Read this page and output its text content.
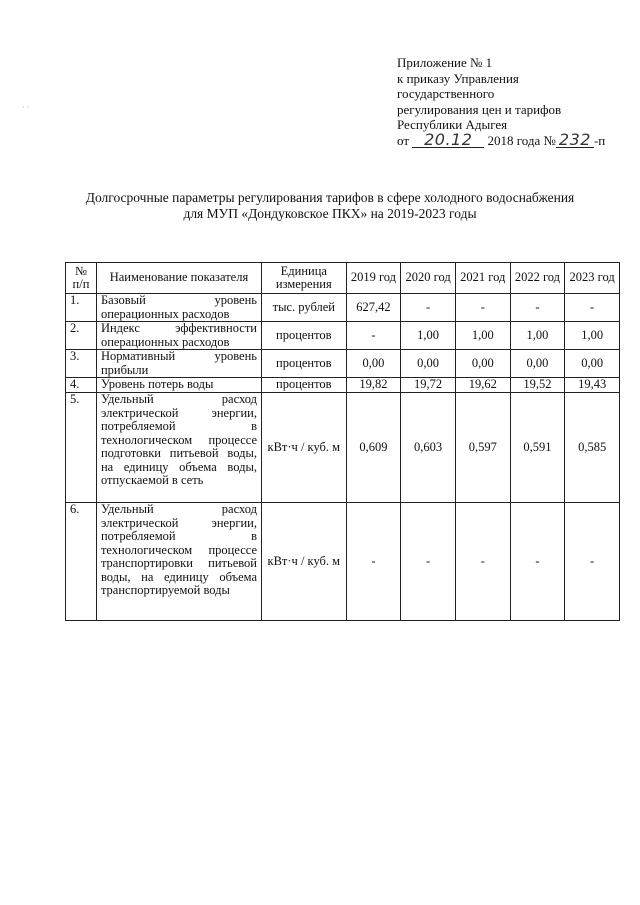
· ·
Приложение № 1
к приказу Управления
государственного
регулирования цен и тарифов
Республики Адыгея
от 20.12 2018 года № 232 -п
Долгосрочные параметры регулирования тарифов в сфере холодного водоснабжения
для МУП «Дондуковское ПКХ» на 2019-2023 годы
№ п/п	Наименование показателя	Единица измерения	2019 год	2020 год	2021 год	2022 год	2023 год
1.	Базовый уровень операционных расходов	тыс. рублей	627,42	-	-	-	-
2.	Индекс эффективности операционных расходов	процентов	-	1,00	1,00	1,00	1,00
3.	Нормативный уровень прибыли	процентов	0,00	0,00	0,00	0,00	0,00
4.	Уровень потерь воды	процентов	19,82	19,72	19,62	19,52	19,43
5.	Удельный расход электрической энергии, потребляемой в технологическом процессе подготовки питьевой воды, на единицу объема воды, отпускаемой в сеть	кВт·ч / куб. м	0,609	0,603	0,597	0,591	0,585
6.	Удельный расход электрической энергии, потребляемой в технологическом процессе транспортировки питьевой воды, на единицу объема транспортируемой воды	кВт·ч / куб. м	-	-	-	-	-
